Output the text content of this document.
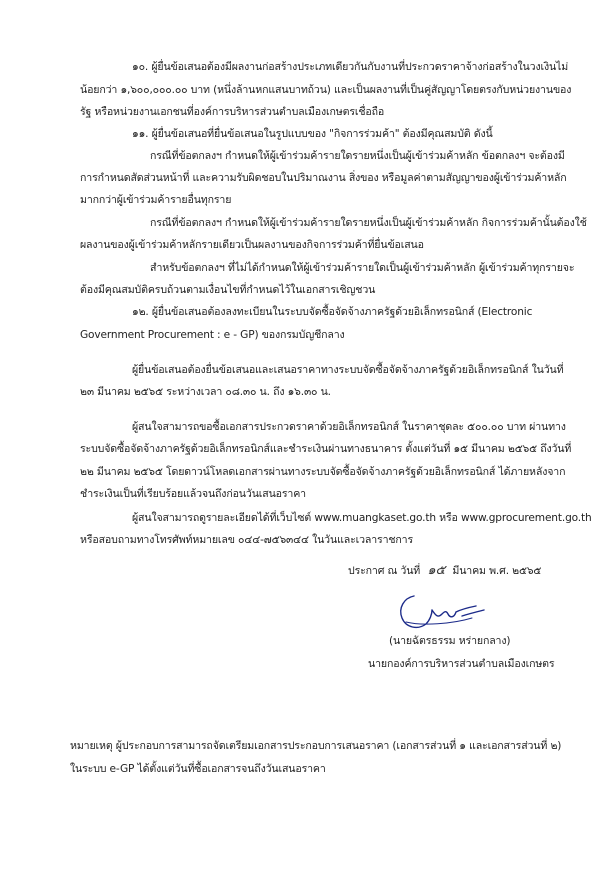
๑๐. ผู้ยื่นข้อเสนอต้องมีผลงานก่อสร้างประเภทเดียวกันกับงานที่ประกวดราคาจ้างก่อสร้างในวงเงินไม่
น้อยกว่า ๑,๖๐๐,๐๐๐.๐๐ บาท (หนึ่งล้านหกแสนบาทถ้วน) และเป็นผลงานที่เป็นคู่สัญญาโดยตรงกับหน่วยงานของ
รัฐ หรือหน่วยงานเอกชนที่องค์การบริหารส่วนตำบลเมืองเกษตรเชื่อถือ
๑๑. ผู้ยื่นข้อเสนอที่ยื่นข้อเสนอในรูปแบบของ "กิจการร่วมค้า" ต้องมีคุณสมบัติ ดังนี้
กรณีที่ข้อตกลงฯ กำหนดให้ผู้เข้าร่วมค้ารายใดรายหนึ่งเป็นผู้เข้าร่วมค้าหลัก ข้อตกลงฯ จะต้องมี
การกำหนดสัดส่วนหน้าที่ และความรับผิดชอบในปริมาณงาน สิ่งของ หรือมูลค่าตามสัญญาของผู้เข้าร่วมค้าหลัก
มากกว่าผู้เข้าร่วมค้ารายอื่นทุกราย
กรณีที่ข้อตกลงฯ กำหนดให้ผู้เข้าร่วมค้ารายใดรายหนึ่งเป็นผู้เข้าร่วมค้าหลัก กิจการร่วมค้านั้นต้องใช้
ผลงานของผู้เข้าร่วมค้าหลักรายเดียวเป็นผลงานของกิจการร่วมค้าที่ยื่นข้อเสนอ
สำหรับข้อตกลงฯ ที่ไม่ได้กำหนดให้ผู้เข้าร่วมค้ารายใดเป็นผู้เข้าร่วมค้าหลัก ผู้เข้าร่วมค้าทุกรายจะ
ต้องมีคุณสมบัติครบถ้วนตามเงื่อนไขที่กำหนดไว้ในเอกสารเชิญชวน
๑๒. ผู้ยื่นข้อเสนอต้องลงทะเบียนในระบบจัดซื้อจัดจ้างภาครัฐด้วยอิเล็กทรอนิกส์ (Electronic
Government Procurement : e - GP) ของกรมบัญชีกลาง
ผู้ยื่นข้อเสนอต้องยื่นข้อเสนอและเสนอราคาทางระบบจัดซื้อจัดจ้างภาครัฐด้วยอิเล็กทรอนิกส์ ในวันที่
๒๓ มีนาคม ๒๕๖๕ ระหว่างเวลา ๐๘.๓๐ น. ถึง ๑๖.๓๐ น.
ผู้สนใจสามารถขอซื้อเอกสารประกวดราคาด้วยอิเล็กทรอนิกส์ ในราคาชุดละ ๕๐๐.๐๐ บาท ผ่านทาง
ระบบจัดซื้อจัดจ้างภาครัฐด้วยอิเล็กทรอนิกส์และชำระเงินผ่านทางธนาคาร ตั้งแต่วันที่ ๑๕ มีนาคม ๒๕๖๕ ถึงวันที่
๒๒ มีนาคม ๒๕๖๕ โดยดาวน์โหลดเอกสารผ่านทางระบบจัดซื้อจัดจ้างภาครัฐด้วยอิเล็กทรอนิกส์ ได้ภายหลังจาก
ชำระเงินเป็นที่เรียบร้อยแล้วจนถึงก่อนวันเสนอราคา
ผู้สนใจสามารถดูรายละเอียดได้ที่เว็บไซต์ www.muangkaset.go.th หรือ www.gprocurement.go.th
หรือสอบถามทางโทรศัพท์หมายเลข ๐๔๔-๗๕๖๓๔๔ ในวันและเวลาราชการ
ประกาศ ณ วันที่ ๑๕ มีนาคม พ.ศ. ๒๕๖๕
(นายฉัตรธรรม หร่ายกลาง)
นายกองค์การบริหารส่วนตำบลเมืองเกษตร
หมายเหตุ ผู้ประกอบการสามารถจัดเตรียมเอกสารประกอบการเสนอราคา (เอกสารส่วนที่ ๑ และเอกสารส่วนที่ ๒)
ในระบบ e-GP ได้ตั้งแต่วันที่ซื้อเอกสารจนถึงวันเสนอราคา
